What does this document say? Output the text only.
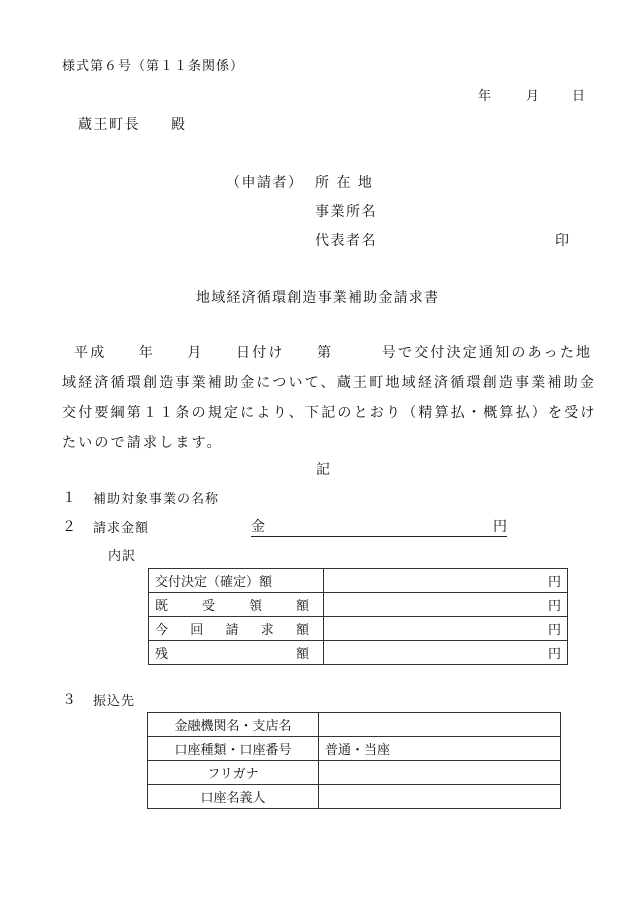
様式第６号（第１１条関係）
年	月 日
蔵王町長　　殿
（申請者） 所 在 地
事業所名
代表者名	印
地域経済循環創造事業補助金請求書
平成　　年　　月　　日付け　　第　　　号で交付決定通知のあった地
域経済循環創造事業補助金について、蔵王町地域経済循環創造事業補助金
交付要綱第１１条の規定により、下記のとおり（精算払・概算払）を受け
たいので請求します。
記
１ 補助対象事業の名称
２ 請求金額	金	円
内訳
交付決定（確定）額	円

既 受 領 額	円

今 回 請 求 額	円

残 額	円
３ 振込先
金融機関名・支店名	
口座種類・口座番号	普通・当座
フリガナ	
口座名義人	
